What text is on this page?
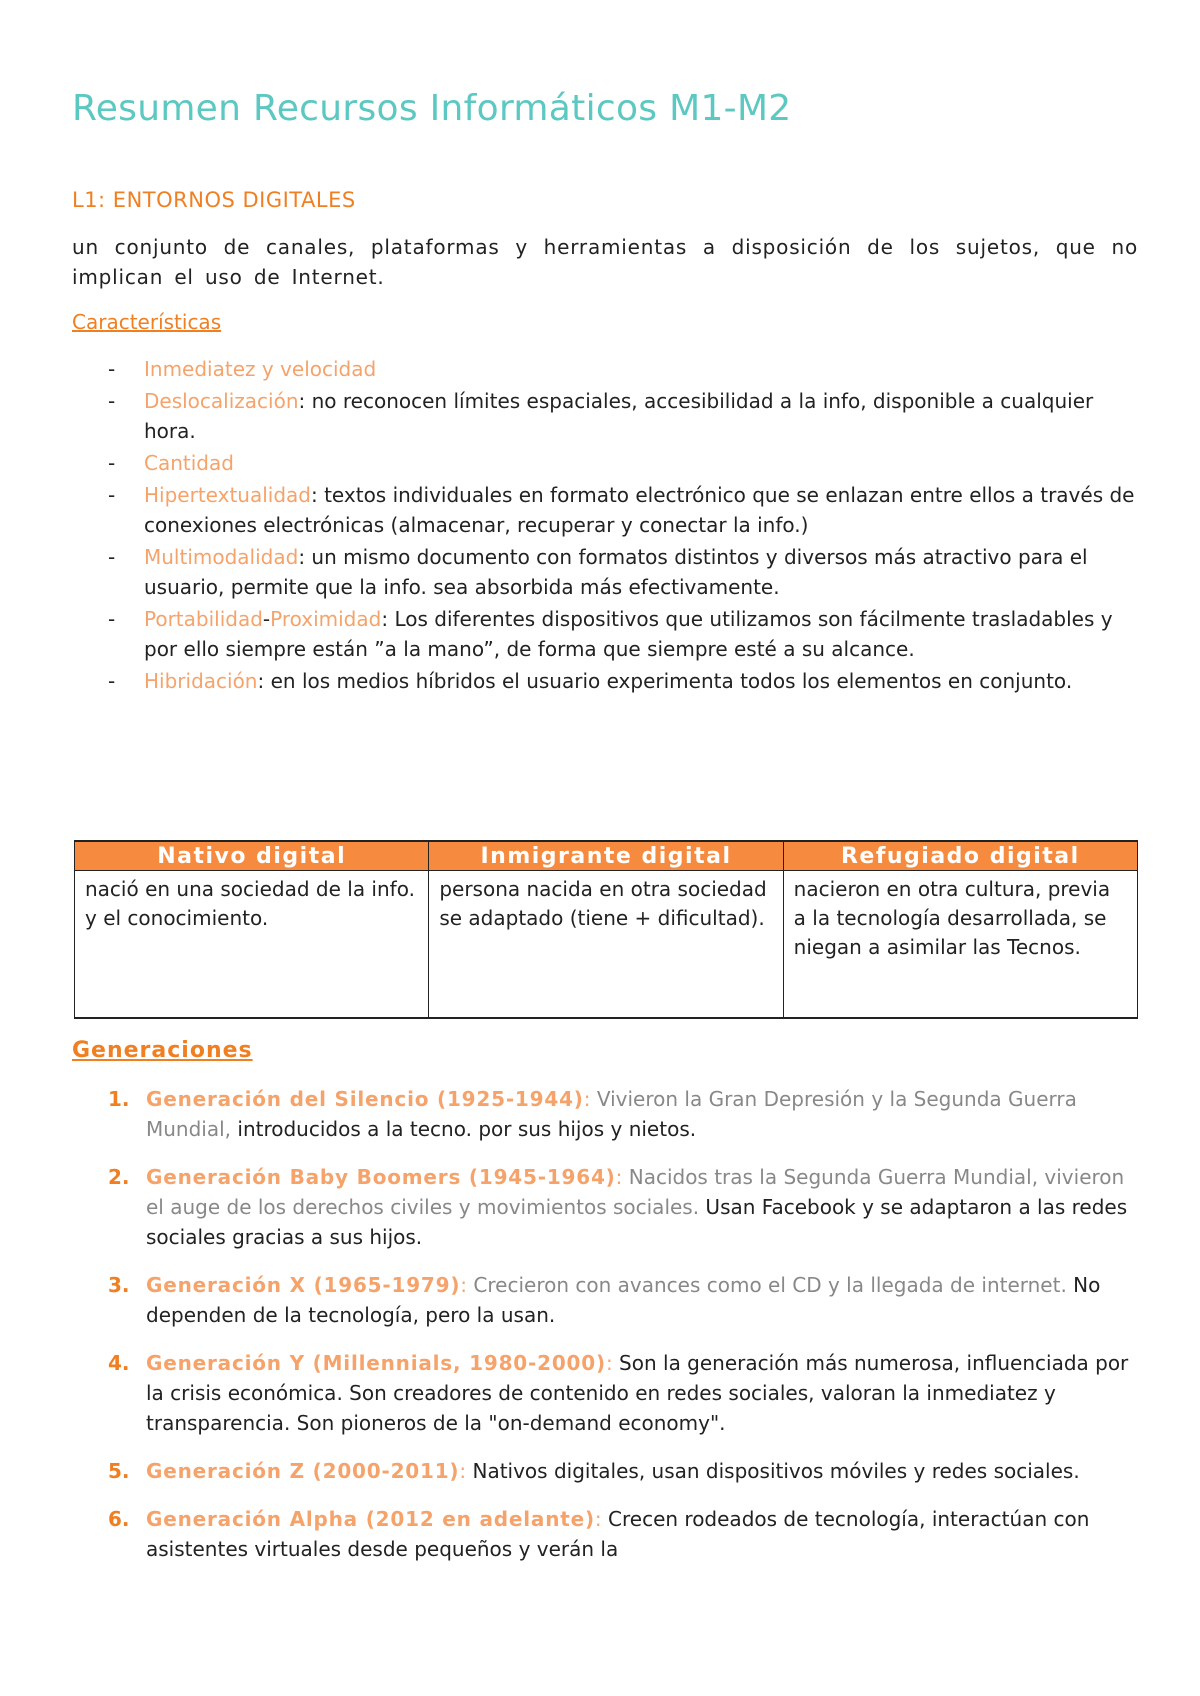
Resumen Recursos Informáticos M1-M2
L1: ENTORNOS DIGITALES

un conjunto de canales, plataformas y herramientas a disposición de los sujetos, que no implican el uso de Internet.

Características
- Inmediatez y velocidad
- Deslocalización: no reconocen límites espaciales, accesibilidad a la info, disponible a cualquier hora.
- Cantidad
- Hipertextualidad: textos individuales en formato electrónico que se enlazan entre ellos a través de conexiones electrónicas (almacenar, recuperar y conectar la info.)
- Multimodalidad: un mismo documento con formatos distintos y diversos más atractivo para el usuario, permite que la info. sea absorbida más efectivamente.
- Portabilidad-Proximidad: Los diferentes dispositivos que utilizamos son fácilmente trasladables y por ello siempre están ”a la mano”, de forma que siempre esté a su alcance.
- Hibridación: en los medios híbridos el usuario experimenta todos los elementos en conjunto.
Nativo digital	Inmigrante digital	Refugiado digital
nació en una sociedad de la info. y el conocimiento.	persona nacida en otra sociedad se adaptado (tiene + dificultad).	nacieron en otra cultura, previa a la tecnología desarrollada, se niegan a asimilar las Tecnos.
Generaciones
1. Generación del Silencio (1925-1944): Vivieron la Gran Depresión y la Segunda Guerra Mundial, introducidos a la tecno. por sus hijos y nietos.
2. Generación Baby Boomers (1945-1964): Nacidos tras la Segunda Guerra Mundial, vivieron el auge de los derechos civiles y movimientos sociales. Usan Facebook y se adaptaron a las redes sociales gracias a sus hijos.
3. Generación X (1965-1979): Crecieron con avances como el CD y la llegada de internet. No dependen de la tecnología, pero la usan.
4. Generación Y (Millennials, 1980-2000): Son la generación más numerosa, influenciada por la crisis económica. Son creadores de contenido en redes sociales, valoran la inmediatez y transparencia. Son pioneros de la "on-demand economy".
5. Generación Z (2000-2011): Nativos digitales, usan dispositivos móviles y redes sociales.
6. Generación Alpha (2012 en adelante): Crecen rodeados de tecnología, interactúan con asistentes virtuales desde pequeños y verán la
